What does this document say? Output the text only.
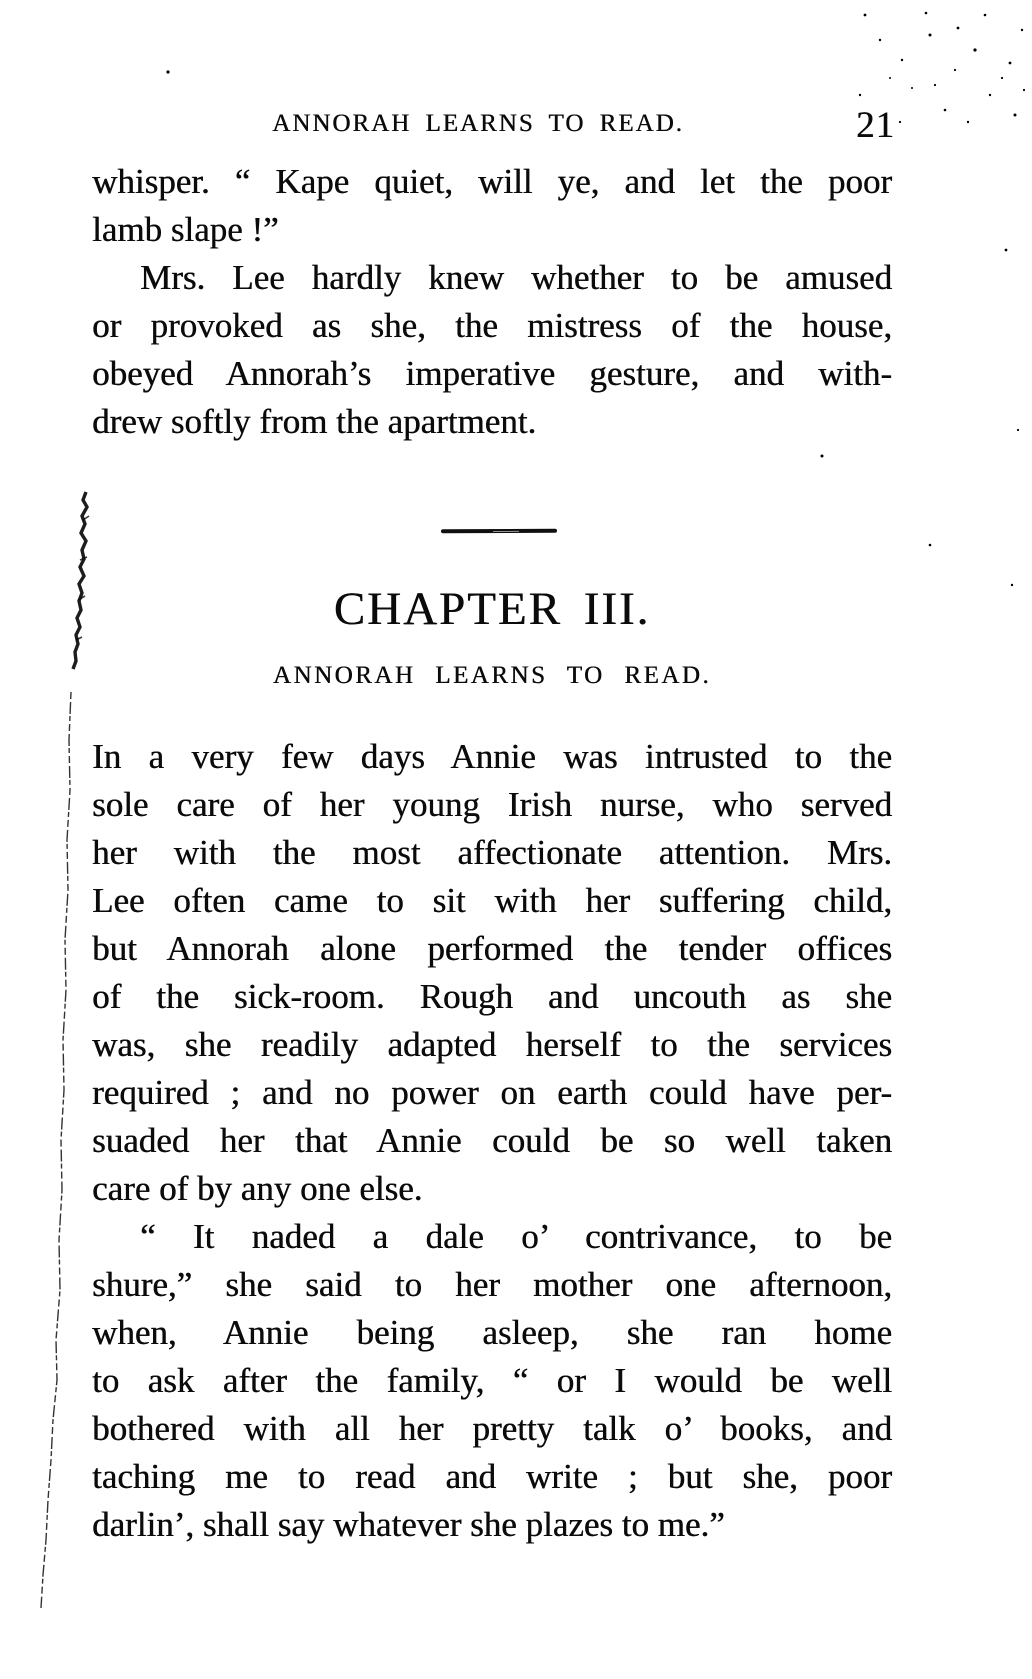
ANNORAH LEARNS TO READ.	21

whisper. “ Kape quiet, will ye, and let the poor
lamb slape !”

Mrs. Lee hardly knew whether to be amused
or provoked as she, the mistress of the house,
obeyed Annorah’s imperative gesture, and with-
drew softly from the apartment.

CHAPTER III.
ANNORAH LEARNS TO READ.

In a very few days Annie was intrusted to the
sole care of her young Irish nurse, who served
her with the most affectionate attention. Mrs.
Lee often came to sit with her suffering child,
but Annorah alone performed the tender offices
of the sick-room. Rough and uncouth as she
was, she readily adapted herself to the services
required ; and no power on earth could have per-
suaded her that Annie could be so well taken
care of by any one else.

“ It naded a dale o’ contrivance, to be
shure,” she said to her mother one afternoon,
when, Annie being asleep, she ran home
to ask after the family, “ or I would be well
bothered with all her pretty talk o’ books, and
taching me to read and write ; but she, poor
darlin’, shall say whatever she plazes to me.”
